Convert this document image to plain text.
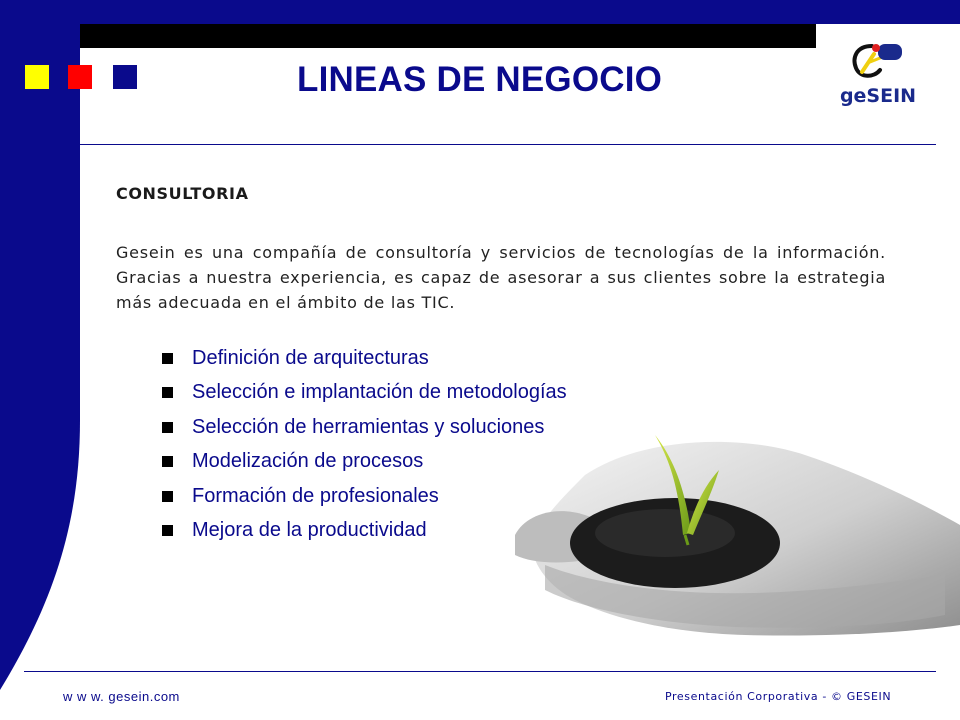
LINEAS DE NEGOCIO	geSEIN
CONSULTORIA

Gesein es una compañía de consultoría y servicios de tecnologías de la información. Gracias a nuestra experiencia, es capaz de asesorar a sus clientes sobre la estrategia más adecuada en el ámbito de las TIC.

Definición de arquitecturas
Selección e implantación de metodologías
Selección de herramientas y soluciones
Modelización de procesos
Formación de profesionales
Mejora de la productividad
w w w. gesein.com	Presentación Corporativa - © GESEIN
